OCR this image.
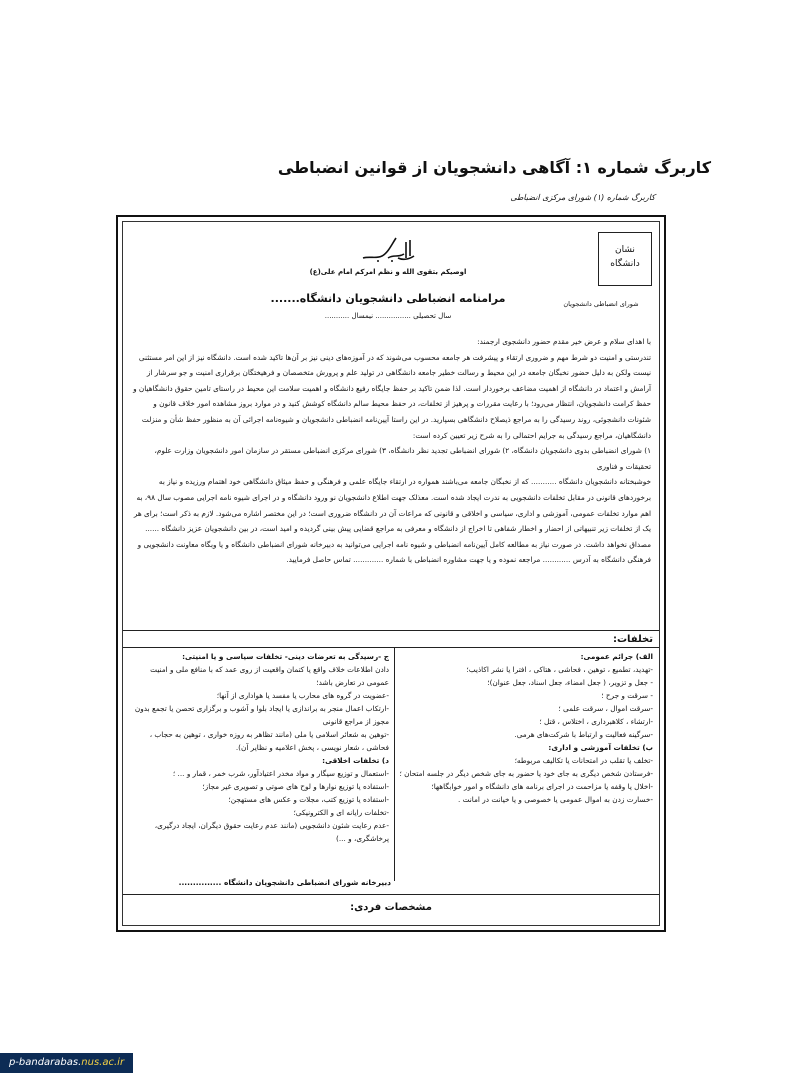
کاربرگ شماره ۱: آگاهی دانشجویان از قوانین انضباطی
کاربرگ شماره (۱) شورای مرکزی انضباطی
نشان دانشگاه
شورای انضباطی دانشجویان
اوصیکم بتقوی الله و نظم امرکم امام علی(ع)
مرامنامه انضباطی دانشجویان دانشگاه.......
سال تحصیلی ................ نیمسال ...........

با اهدای سلام و عرض خیر مقدم حضور دانشجوی ارجمند:

تندرستی و امنیت دو شرط مهم و ضروری ارتقاء و پیشرفت هر جامعه محسوب می‌شوند که در آموزه‌های دینی نیز بر آن‌ها تاکید شده است. دانشگاه نیز از این امر مستثنی نیست ولکن به دلیل حضور نخبگان جامعه در این محیط و رسالت خطیر جامعه دانشگاهی در تولید علم و پرورش متخصصان و فرهیختگان برقراری امنیت و جو سرشار از آرامش و اعتماد در دانشگاه از اهمیت مضاعف برخوردار است. لذا ضمن تاکید بر حفظ جایگاه رفیع دانشگاه و اهمیت سلامت این محیط در راستای تامین حقوق دانشگاهیان و حفظ کرامت دانشجویان، انتظار می‌رود؛ با رعایت مقررات و پرهیز از تخلفات، در حفظ محیط سالم دانشگاه کوشش کنید و در موارد بروز مشاهده امور خلاف قانون و شئونات دانشجوئی، روند رسیدگی را به مراجع ذیصلاح دانشگاهی بسپارید. در این راستا آیین‌نامه انضباطی دانشجویان و شیوه‌نامه اجرائی آن به منظور حفظ شأن و منزلت دانشگاهیان، مراجع رسیدگی به جرایم احتمالی را به شرح زیر تعیین کرده است:

۱) شورای انضباطی بدوی دانشجویان دانشگاه، ۲) شورای انضباطی تجدید نظر دانشگاه، ۳) شورای مرکزی انضباطی مستقر در سازمان امور دانشجویان وزارت علوم، تحقیقات و فناوری

خوشبختانه دانشجویان دانشگاه ........... که از نخبگان جامعه می‌باشند همواره در ارتقاء جایگاه علمی و فرهنگی و حفظ میثاق دانشگاهی خود اهتمام ورزیده و نیاز به برخوردهای قانونی در مقابل تخلفات دانشجویی به ندرت ایجاد شده است. معذلک جهت اطلاع دانشجویان نو ورود دانشگاه و در اجرای شیوه نامه اجرایی مصوب سال ۹۸، به اهم موارد تخلفات عمومی، آموزشی و اداری، سیاسی و اخلاقی و قانونی که مراعات آن در دانشگاه ضروری است؛ در این مختصر اشاره می‌شود. لازم به ذکر است؛ برای هر یک از تخلفات زیر تنبیهاتی از احضار و اخطار شفاهی تا اخراج از دانشگاه و معرفی به مراجع قضایی پیش بینی گردیده و امید است، در بین دانشجویان عزیز دانشگاه ...... مصداق نخواهد داشت. در صورت نیاز به مطالعه کامل آیین‌نامه انضباطی و شیوه نامه اجرایی می‌توانید به دبیرخانه شورای انضباطی دانشگاه و یا وبگاه معاونت دانشجویی و فرهنگی دانشگاه به آدرس ............ مراجعه نموده و یا جهت مشاوره انضباطی با شماره ............. تماس حاصل فرمایید.

تخلفات:
الف) جرائم عمومی:
-تهدید، تطمیع ، توهین ، فحاشی ، هتاکی ، افترا یا نشر اکاذیب؛
- جعل و تزویر، ( جعل امضاء، جعل اسناد، جعل عنوان)؛
- سرقت و جرح ؛
-سرقت اموال ، سرقت علمی ؛
-ارتشاء ، کلاهبرداری ، اختلاس ، قتل ؛
-سرگینه فعالیت و ارتباط با شرکت‌های هرمی.
ب) تخلفات آموزشی و اداری:
-تخلف یا تقلب در امتحانات یا تکالیف مربوطه؛
-فرستادن شخص دیگری به جای خود یا حضور به جای شخص دیگر در جلسه امتحان ؛
-اخلال یا وقفه یا مزاحمت در اجرای برنامه های دانشگاه و امور خوابگاهها؛
-خسارت زدن به اموال عمومی یا خصوصی و یا خیانت در امانت .
ج -رسیدگی به تعرضات دینی- تخلفات سیاسی و یا امنیتی:
دادن اطلاعات خلاف واقع یا کتمان واقعیت از روی عمد که با منافع ملی و امنیت عمومی در تعارض باشد؛
-عضویت در گروه های محارب یا مفسد یا هواداری از آنها؛
-ارتکاب اعمال منجر به براندازی یا ایجاد بلوا و آشوب و برگزاری تحصن یا تجمع بدون مجوز از مراجع قانونی
-توهین به شعائر اسلامی یا ملی (مانند تظاهر به روزه خواری ، توهین به حجاب ، فحاشی ، شعار نویسی ، پخش اعلامیه و نظایر آن).
د) تخلفات اخلاقی:
-استعمال و توزیع سیگار و مواد مخدر اعتیادآور، شرب خمر ، قمار و ... ؛
-استفاده یا توزیع نوارها و لوح های صوتی و تصویری غیر مجاز؛
-استفاده یا توزیع کتب، مجلات و عکس های مستهجن؛
-تخلفات رایانه ای و الکترونیکی؛
-عدم رعایت شئون دانشجویی (مانند عدم رعایت حقوق دیگران، ایجاد درگیری، پرخاشگری، و ...)
دبیرخانه شورای انضباطی دانشجویان دانشگاه ...............
مشخصات فردی:
p-bandarabas.nus.ac.ir
